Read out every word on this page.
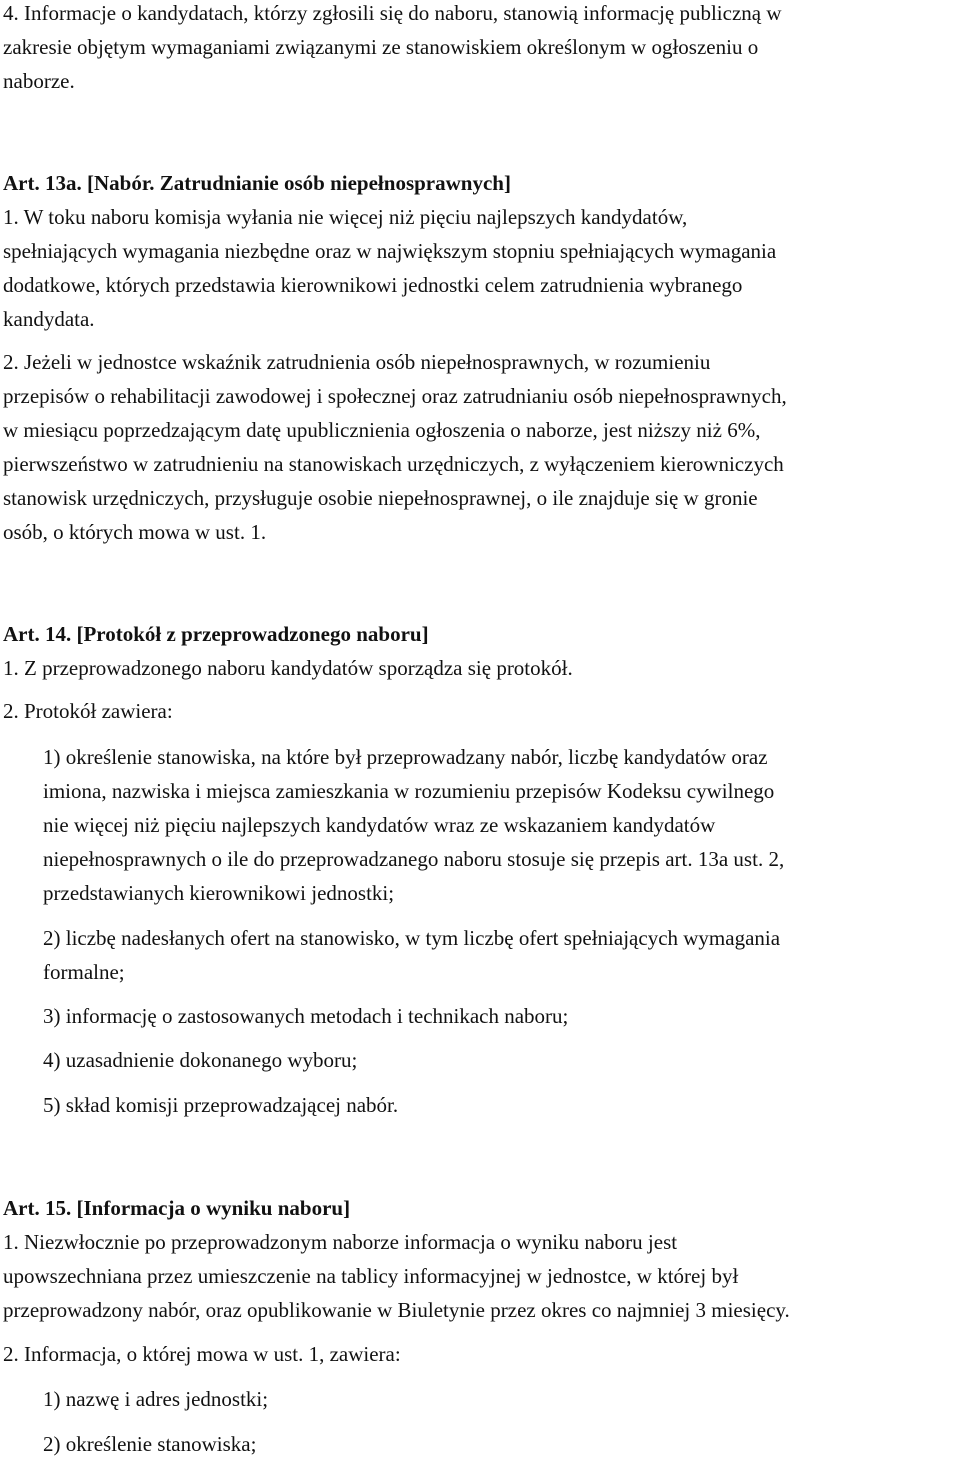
4. Informacje o kandydatach, którzy zgłosili się do naboru, stanowią informację publiczną w
zakresie objętym wymaganiami związanymi ze stanowiskiem określonym w ogłoszeniu o
naborze.
Art. 13a. [Nabór. Zatrudnianie osób niepełnosprawnych]
1. W toku naboru komisja wyłania nie więcej niż pięciu najlepszych kandydatów,
spełniających wymagania niezbędne oraz w największym stopniu spełniających wymagania
dodatkowe, których przedstawia kierownikowi jednostki celem zatrudnienia wybranego
kandydata.
2. Jeżeli w jednostce wskaźnik zatrudnienia osób niepełnosprawnych, w rozumieniu
przepisów o rehabilitacji zawodowej i społecznej oraz zatrudnianiu osób niepełnosprawnych,
w miesiącu poprzedzającym datę upublicznienia ogłoszenia o naborze, jest niższy niż 6%,
pierwszeństwo w zatrudnieniu na stanowiskach urzędniczych, z wyłączeniem kierowniczych
stanowisk urzędniczych, przysługuje osobie niepełnosprawnej, o ile znajduje się w gronie
osób, o których mowa w ust. 1.
Art. 14. [Protokół z przeprowadzonego naboru]
1. Z przeprowadzonego naboru kandydatów sporządza się protokół.
2. Protokół zawiera:
1) określenie stanowiska, na które był przeprowadzany nabór, liczbę kandydatów oraz
imiona, nazwiska i miejsca zamieszkania w rozumieniu przepisów Kodeksu cywilnego
nie więcej niż pięciu najlepszych kandydatów wraz ze wskazaniem kandydatów
niepełnosprawnych o ile do przeprowadzanego naboru stosuje się przepis art. 13a ust. 2,
przedstawianych kierownikowi jednostki;
2) liczbę nadesłanych ofert na stanowisko, w tym liczbę ofert spełniających wymagania
formalne;
3) informację o zastosowanych metodach i technikach naboru;
4) uzasadnienie dokonanego wyboru;
5) skład komisji przeprowadzającej nabór.
Art. 15. [Informacja o wyniku naboru]
1. Niezwłocznie po przeprowadzonym naborze informacja o wyniku naboru jest
upowszechniana przez umieszczenie na tablicy informacyjnej w jednostce, w której był
przeprowadzony nabór, oraz opublikowanie w Biuletynie przez okres co najmniej 3 miesięcy.
2. Informacja, o której mowa w ust. 1, zawiera:
1) nazwę i adres jednostki;
2) określenie stanowiska;
